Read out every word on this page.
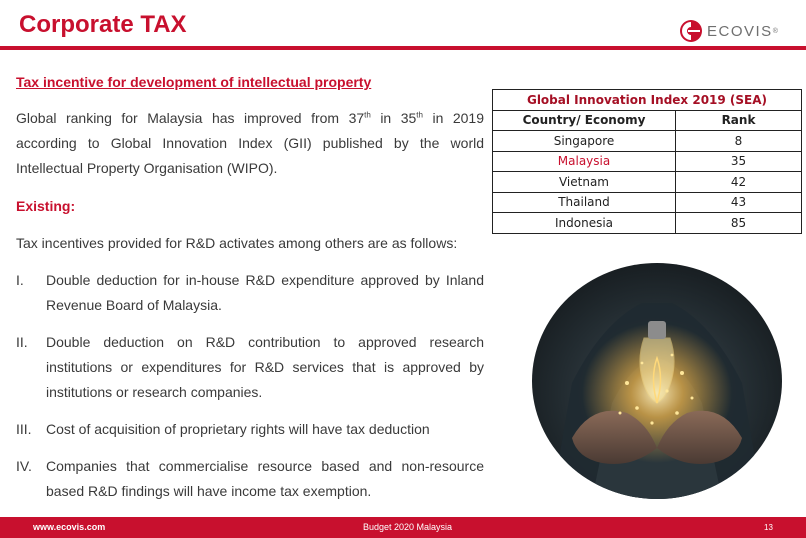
Corporate TAX	ECOVIS ®
Tax incentive for development of intellectual property
Global ranking for Malaysia has improved from 37th in 35th in 2019 according to Global Innovation Index (GII) published by the world Intellectual Property Organisation (WIPO).
Existing:
Tax incentives provided for R&D activates among others are as follows:
I.	Double deduction for in-house R&D expenditure approved by Inland Revenue Board of Malaysia.
II.	Double deduction on R&D contribution to approved research institutions or expenditures for R&D services that is approved by institutions or research companies.
III.	Cost of acquisition of proprietary rights will have tax deduction
IV.	Companies that commercialise resource based and non-resource based R&D findings will have income tax exemption.
Global Innovation Index 2019 (SEA)	
Country/ Economy	Rank
Singapore	8
Malaysia	35
Vietnam	42
Thailand	43
Indonesia	85
www.ecovis.com	Budget 2020 Malaysia	13
